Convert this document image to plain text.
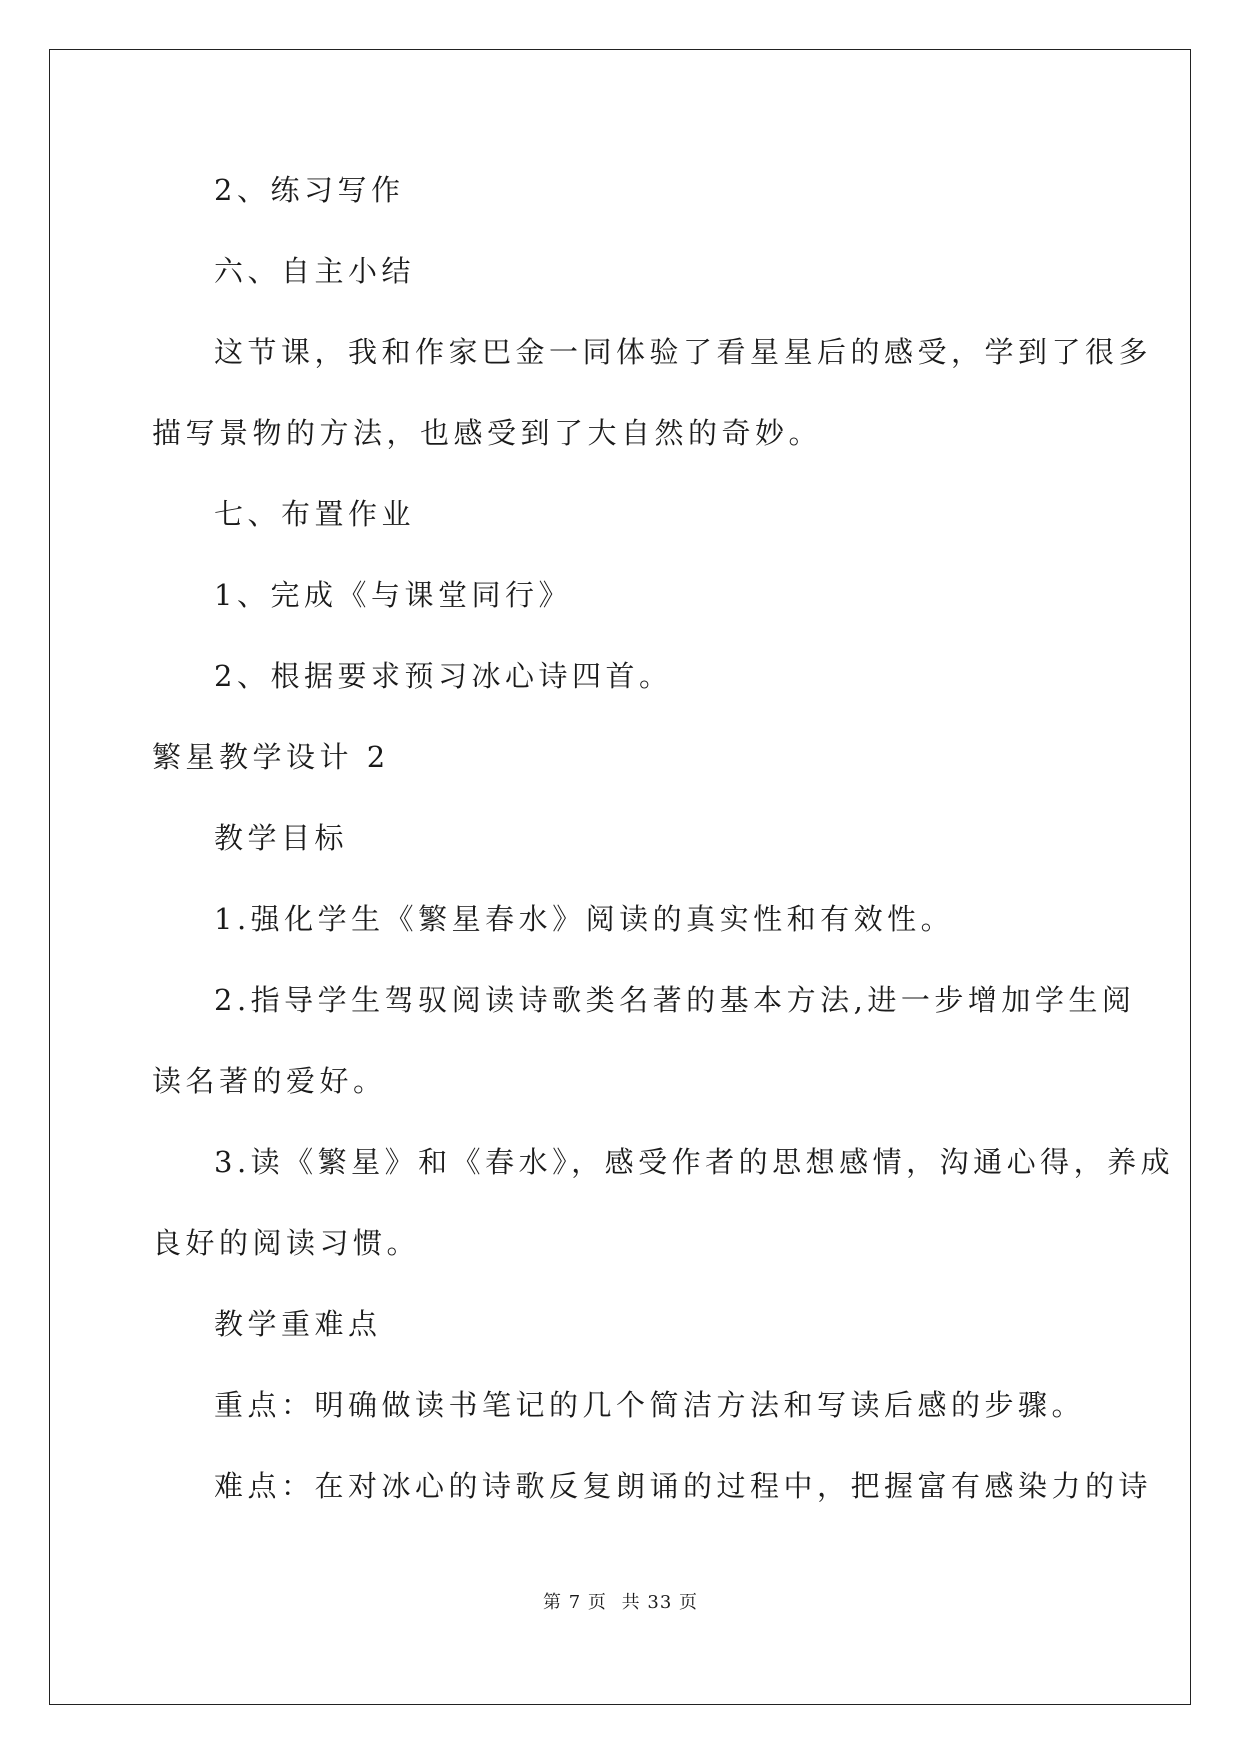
2、练习写作
六、自主小结
这节课，我和作家巴金一同体验了看星星后的感受，学到了很多
描写景物的方法，也感受到了大自然的奇妙。
七、布置作业
1、完成《与课堂同行》
2、根据要求预习冰心诗四首。
繁星教学设计 2
教学目标
1.强化学生《繁星春水》阅读的真实性和有效性。
2.指导学生驾驭阅读诗歌类名著的基本方法,进一步增加学生阅
读名著的爱好。
3.读《繁星》和《春水》，感受作者的思想感情，沟通心得，养成
良好的阅读习惯。
教学重难点
重点：明确做读书笔记的几个简洁方法和写读后感的步骤。
难点：在对冰心的诗歌反复朗诵的过程中，把握富有感染力的诗
第 7 页 共 33 页
